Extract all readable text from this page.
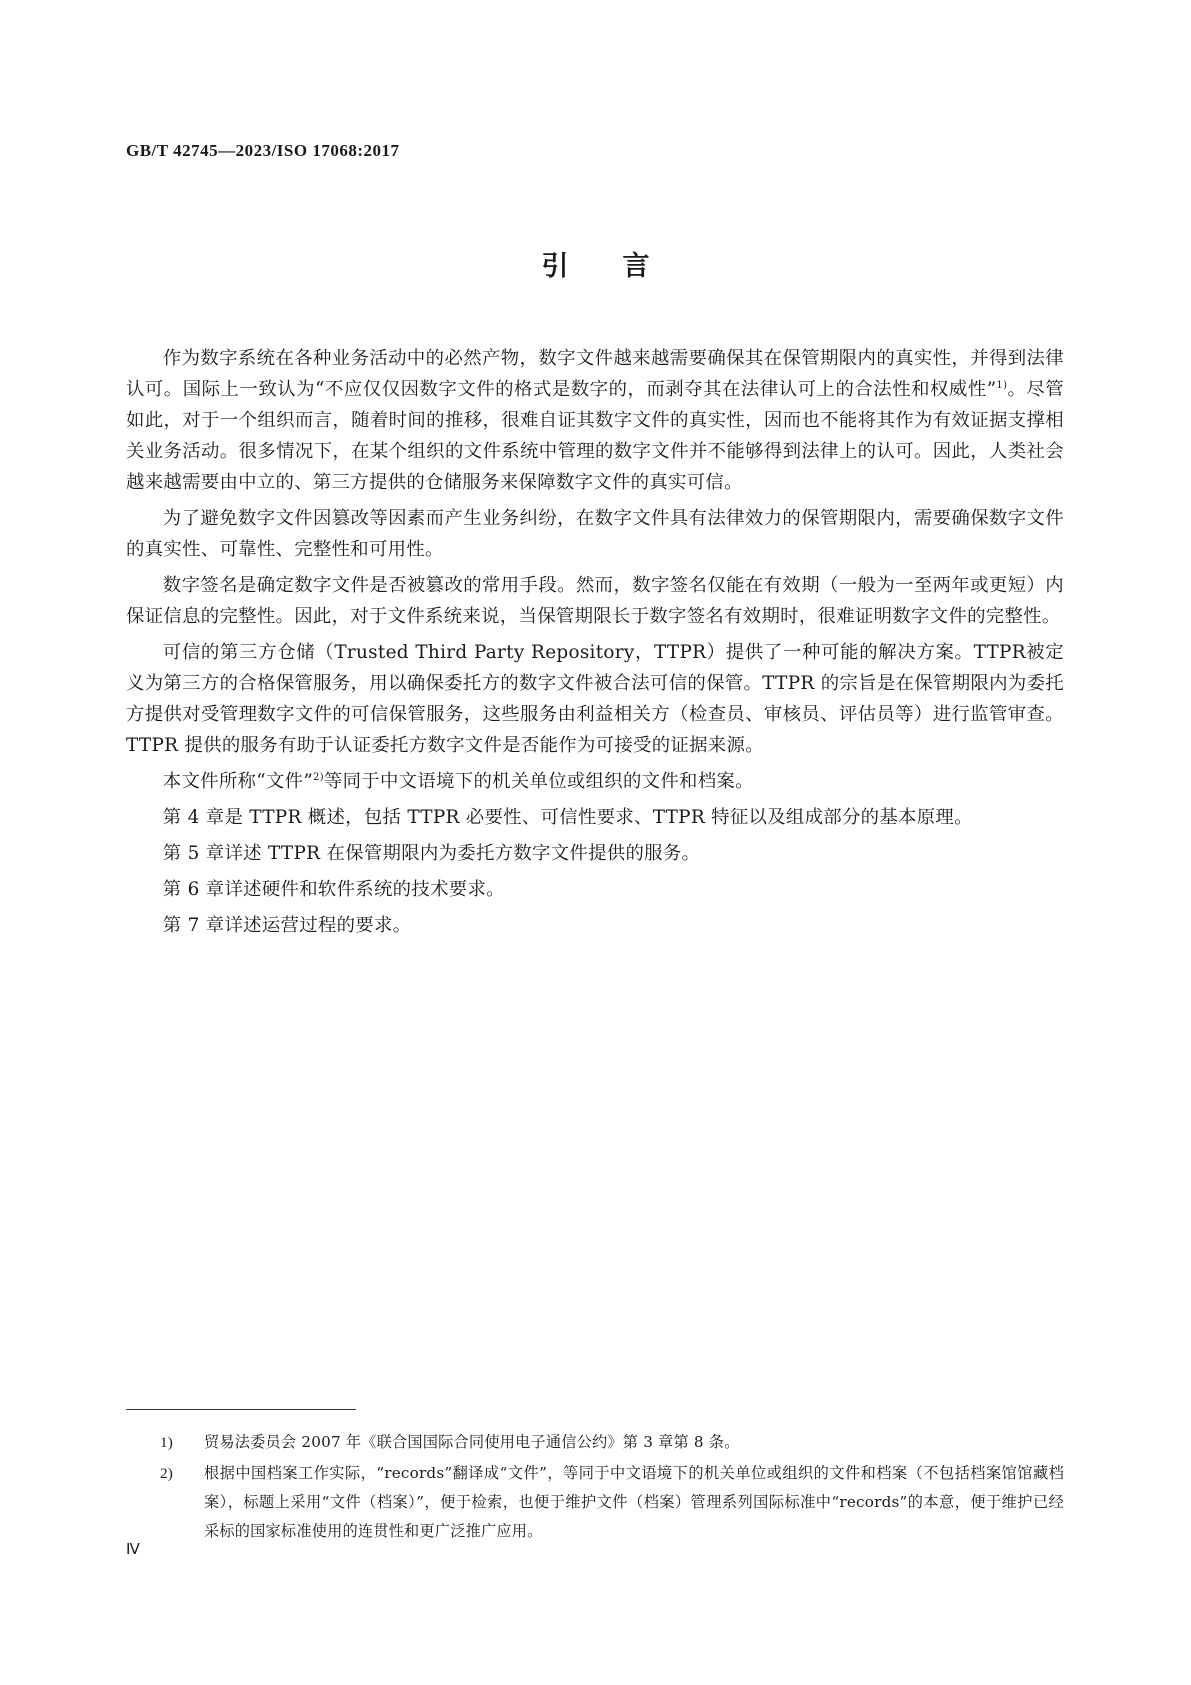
GB/T 42745—2023/ISO 17068:2017
引 言

作为数字系统在各种业务活动中的必然产物，数字文件越来越需要确保其在保管期限内的真实性，并得到法律认可。国际上一致认为“不应仅仅因数字文件的格式是数字的，而剥夺其在法律认可上的合法性和权威性”$^{1)}$。尽管如此，对于一个组织而言，随着时间的推移，很难自证其数字文件的真实性，因而也不能将其作为有效证据支撑相关业务活动。很多情况下，在某个组织的文件系统中管理的数字文件并不能够得到法律上的认可。因此，人类社会越来越需要由中立的、第三方提供的仓储服务来保障数字文件的真实可信。

为了避免数字文件因篡改等因素而产生业务纠纷，在数字文件具有法律效力的保管期限内，需要确保数字文件的真实性、可靠性、完整性和可用性。

数字签名是确定数字文件是否被篡改的常用手段。然而，数字签名仅能在有效期（一般为一至两年或更短）内保证信息的完整性。因此，对于文件系统来说，当保管期限长于数字签名有效期时，很难证明数字文件的完整性。

可信的第三方仓储（Trusted Third Party Repository，TTPR）提供了一种可能的解决方案。TTPR被定义为第三方的合格保管服务，用以确保委托方的数字文件被合法可信的保管。TTPR 的宗旨是在保管期限内为委托方提供对受管理数字文件的可信保管服务，这些服务由利益相关方（检查员、审核员、评估员等）进行监管审查。TTPR 提供的服务有助于认证委托方数字文件是否能作为可接受的证据来源。

本文件所称“文件”$^{2)}$等同于中文语境下的机关单位或组织的文件和档案。

第 4 章是 TTPR 概述，包括 TTPR 必要性、可信性要求、TTPR 特征以及组成部分的基本原理。

第 5 章详述 TTPR 在保管期限内为委托方数字文件提供的服务。

第 6 章详述硬件和软件系统的技术要求。

第 7 章详述运营过程的要求。

1) 贸易法委员会 2007 年《联合国国际合同使用电子通信公约》第 3 章第 8 条。
2) 根据中国档案工作实际，“records”翻译成“文件”，等同于中文语境下的机关单位或组织的文件和档案（不包括档案馆馆藏档案），标题上采用“文件（档案）”，便于检索，也便于维护文件（档案）管理系列国际标准中“records”的本意，便于维护已经采标的国家标准使用的连贯性和更广泛推广应用。
Ⅳ
